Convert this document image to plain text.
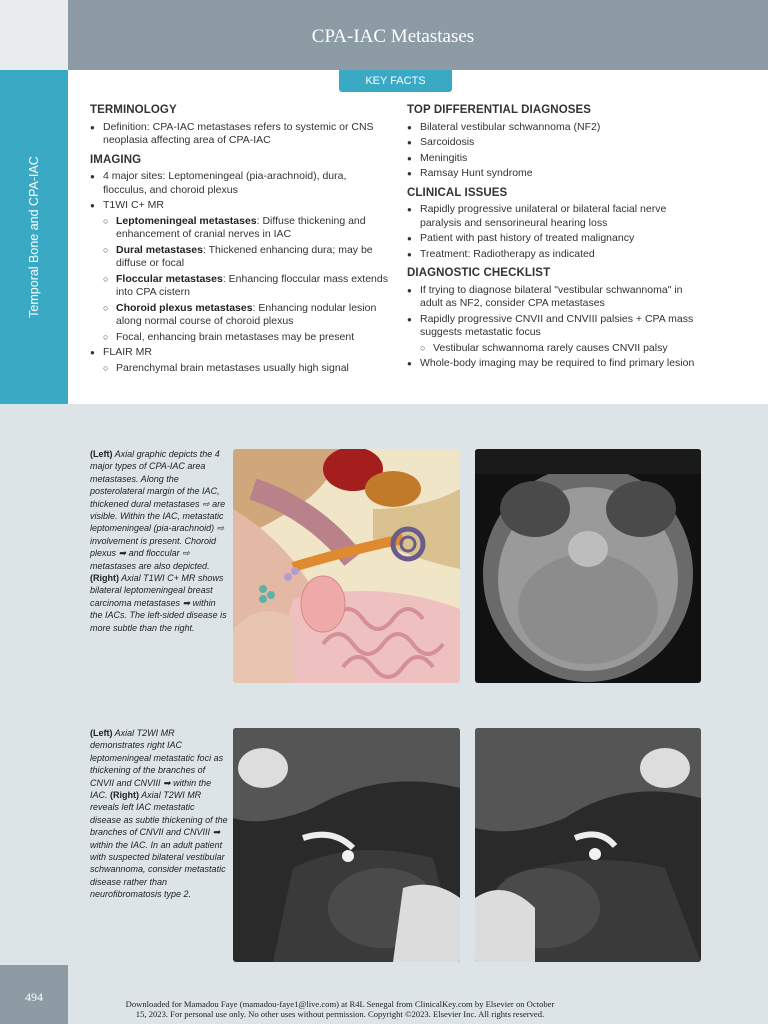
CPA-IAC Metastases
Temporal Bone and CPA-IAC
KEY FACTS
TERMINOLOGY
● Definition: CPA-IAC metastases refers to systemic or CNS neoplasia affecting area of CPA-IAC
IMAGING
● 4 major sites: Leptomeningeal (pia-arachnoid), dura, flocculus, and choroid plexus
● T1WI C+ MR
○ Leptomeningeal metastases: Diffuse thickening and enhancement of cranial nerves in IAC
○ Dural metastases: Thickened enhancing dura; may be diffuse or focal
○ Floccular metastases: Enhancing floccular mass extends into CPA cistern
○ Choroid plexus metastases: Enhancing nodular lesion along normal course of choroid plexus
○ Focal, enhancing brain metastases may be present
● FLAIR MR
○ Parenchymal brain metastases usually high signal
TOP DIFFERENTIAL DIAGNOSES
● Bilateral vestibular schwannoma (NF2)
● Sarcoidosis
● Meningitis
● Ramsay Hunt syndrome
CLINICAL ISSUES
● Rapidly progressive unilateral or bilateral facial nerve paralysis and sensorineural hearing loss
● Patient with past history of treated malignancy
● Treatment: Radiotherapy as indicated
DIAGNOSTIC CHECKLIST
● If trying to diagnose bilateral "vestibular schwannoma" in adult as NF2, consider CPA metastases
● Rapidly progressive CNVII and CNVIII palsies + CPA mass suggests metastatic focus
○ Vestibular schwannoma rarely causes CNVII palsy
● Whole-body imaging may be required to find primary lesion
(Left) Axial graphic depicts the 4 major types of CPA-IAC area metastases. Along the posterolateral margin of the IAC, thickened dural metastases ⇨ are visible. Within the IAC, metastatic leptomeningeal (pia-arachnoid) ⇨ involvement is present. Choroid plexus ➡ and floccular ⇨ metastases are also depicted. (Right) Axial T1WI C+ MR shows bilateral leptomeningeal breast carcinoma metastases ➡ within the IACs. The left-sided disease is more subtle than the right.
(Left) Axial T2WI MR demonstrates right IAC leptomeningeal metastatic foci as thickening of the branches of CNVII and CNVIII ➡ within the IAC. (Right) Axial T2WI MR reveals left IAC metastatic disease as subtle thickening of the branches of CNVII and CNVIII ➡ within the IAC. In an adult patient with suspected bilateral vestibular schwannoma, consider metastatic disease rather than neurofibromatosis type 2.
494	Downloaded for Mamadou Faye (mamadou-faye1@live.com) at R4L Senegal from ClinicalKey.com by Elsevier on October
15, 2023. For personal use only. No other uses without permission. Copyright ©2023. Elsevier Inc. All rights reserved.
